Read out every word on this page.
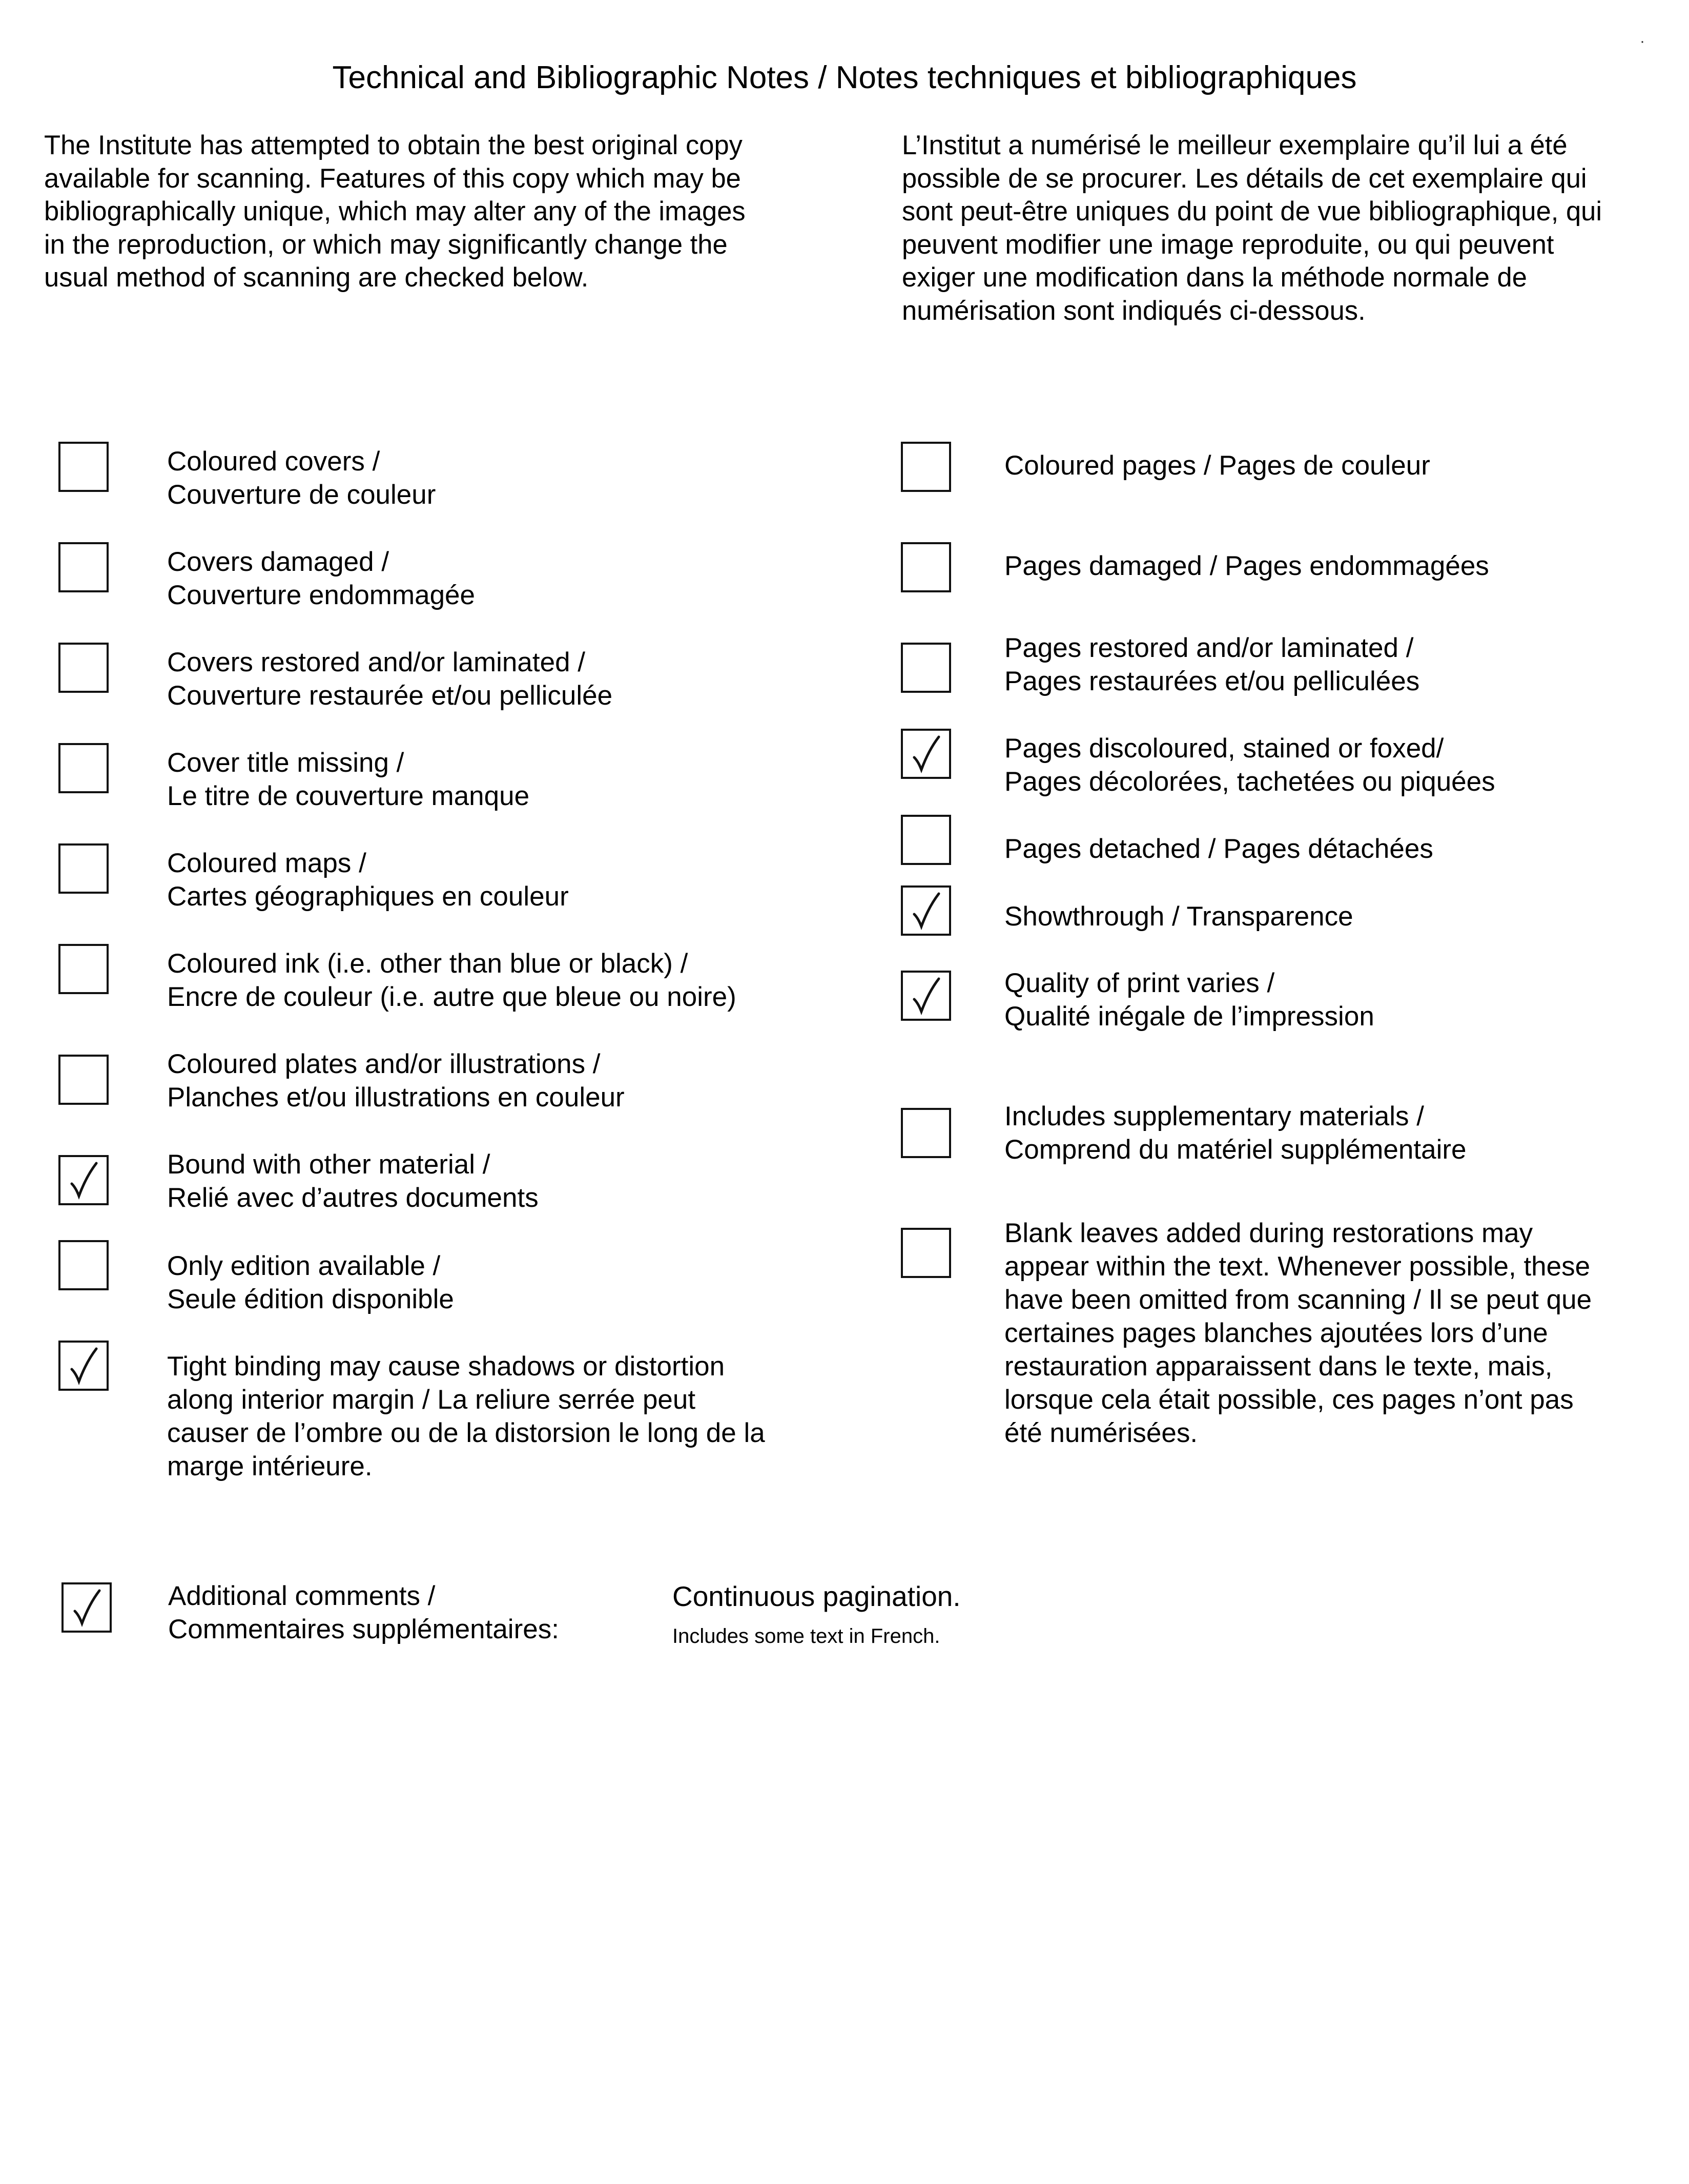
Technical and Bibliographic Notes / Notes techniques et bibliographiques

The Institute has attempted to obtain the best original copy
available for scanning. Features of this copy which may be
bibliographically unique, which may alter any of the images
in the reproduction, or which may significantly change the
usual method of scanning are checked below.

L’Institut a numérisé le meilleur exemplaire qu’il lui a été
possible de se procurer. Les détails de cet exemplaire qui
sont peut-être uniques du point de vue bibliographique, qui
peuvent modifier une image reproduite, ou qui peuvent
exiger une modification dans la méthode normale de
numérisation sont indiqués ci-dessous.

Coloured covers /
Couverture de couleur
Covers damaged /
Couverture endommagée
Covers restored and/or laminated /
Couverture restaurée et/ou pelliculée
Cover title missing /
Le titre de couverture manque
Coloured maps /
Cartes géographiques en couleur
Coloured ink (i.e. other than blue or black) /
Encre de couleur (i.e. autre que bleue ou noire)
Coloured plates and/or illustrations /
Planches et/ou illustrations en couleur
Bound with other material /
Relié avec d’autres documents
Only edition available /
Seule édition disponible
Tight binding may cause shadows or distortion
along interior margin / La reliure serrée peut
causer de l’ombre ou de la distorsion le long de la
marge intérieure.
Coloured pages / Pages de couleur
Pages damaged / Pages endommagées
Pages restored and/or laminated /
Pages restaurées et/ou pelliculées
Pages discoloured, stained or foxed/
Pages décolorées, tachetées ou piquées
Pages detached / Pages détachées
Showthrough / Transparence
Quality of print varies /
Qualité inégale de l’impression
Includes supplementary materials /
Comprend du matériel supplémentaire
Blank leaves added during restorations may
appear within the text. Whenever possible, these
have been omitted from scanning / Il se peut que
certaines pages blanches ajoutées lors d’une
restauration apparaissent dans le texte, mais,
lorsque cela était possible, ces pages n’ont pas
été numérisées.
Additional comments /
Commentaires supplémentaires:
Continuous pagination.
Includes some text in French.
·
